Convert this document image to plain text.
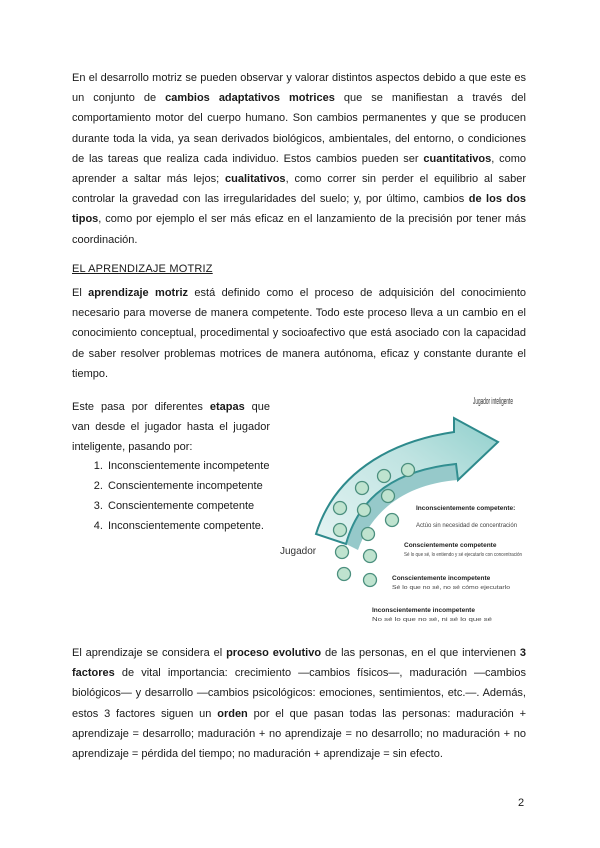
En el desarrollo motriz se pueden observar y valorar distintos aspectos debido a que este es un conjunto de cambios adaptativos motrices que se manifiestan a través del comportamiento motor del cuerpo humano. Son cambios permanentes y que se producen durante toda la vida, ya sean derivados biológicos, ambientales, del entorno, o condiciones de las tareas que realiza cada individuo. Estos cambios pueden ser cuantitativos, como aprender a saltar más lejos; cualitativos, como correr sin perder el equilibrio al saber controlar la gravedad con las irregularidades del suelo; y, por último, cambios de los dos tipos, como por ejemplo el ser más eficaz en el lanzamiento de la precisión por tener más coordinación.

EL APRENDIZAJE MOTRIZ

El aprendizaje motriz está definido como el proceso de adquisición del conocimiento necesario para moverse de manera competente. Todo este proceso lleva a un cambio en el conocimiento conceptual, procedimental y socioafectivo que está asociado con la capacidad de saber resolver problemas motrices de manera autónoma, eficaz y constante durante el tiempo.

Este pasa por diferentes etapas que van desde el jugador hasta el jugador inteligente, pasando por:

1. Inconscientemente incompetente
2. Conscientemente incompetente
3. Conscientemente competente
4. Inconscientemente competente.
Jugador inteligente
Jugador
Inconscientemente competente:
Actúo sin necesidad de concentración
Conscientemente competente
Sé lo que sé, lo entiendo y sé ejecutarlo con concentración
Conscientemente incompetente
Sé lo que no sé, no sé cómo ejecutarlo
Inconscientemente incompetente
No sé lo que no sé, ni sé lo que sé

El aprendizaje se considera el proceso evolutivo de las personas, en el que intervienen 3 factores de vital importancia: crecimiento —cambios físicos—, maduración —cambios biológicos— y desarrollo —cambios psicológicos: emociones, sentimientos, etc.—. Además, estos 3 factores siguen un orden por el que pasan todas las personas: maduración + aprendizaje = desarrollo; maduración + no aprendizaje = no desarrollo; no maduración + no aprendizaje = pérdida del tiempo; no maduración + aprendizaje = sin efecto.

2
